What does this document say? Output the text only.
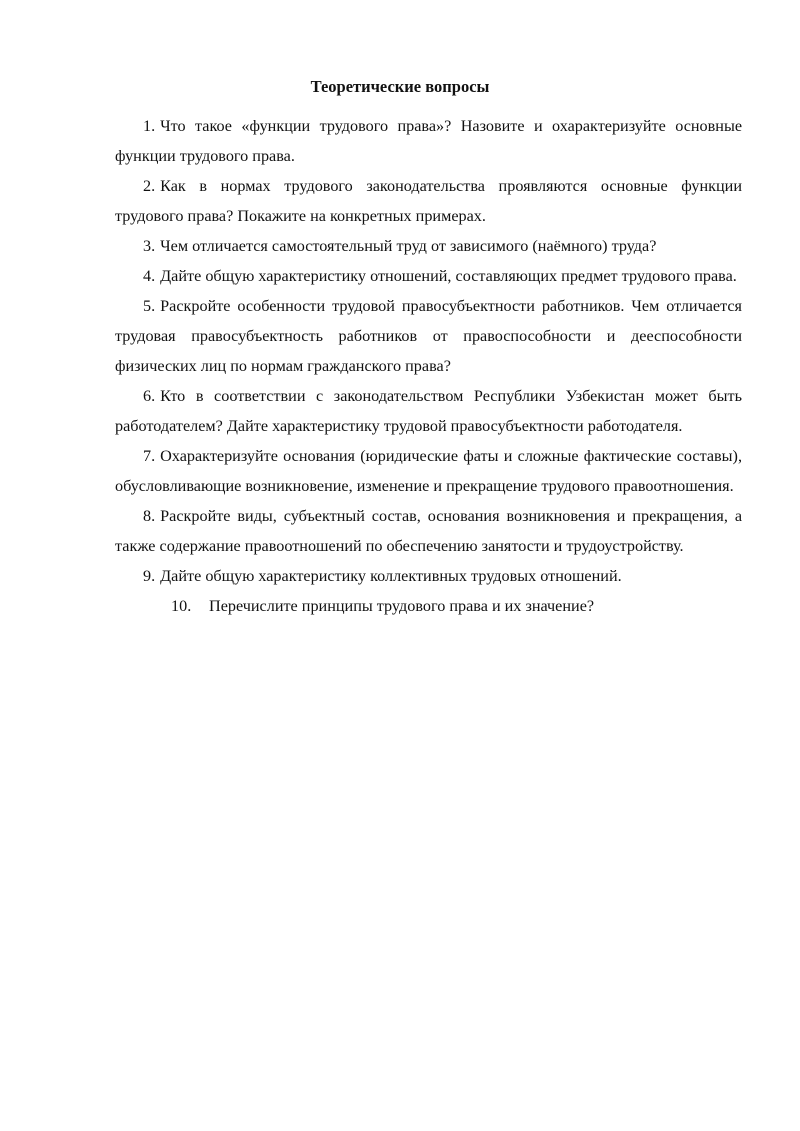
Теоретические вопросы
1. Что такое «функции трудового права»? Назовите и охарактеризуйте основные функции трудового права.
2. Как в нормах трудового законодательства проявляются основные функции трудового права? Покажите на конкретных примерах.
3. Чем отличается самостоятельный труд от зависимого (наёмного) труда?
4. Дайте общую характеристику отношений, составляющих предмет трудового права.
5. Раскройте особенности трудовой правосубъектности работников. Чем отличается трудовая правосубъектность работников от правоспособности и дееспособности физических лиц по нормам гражданского права?
6. Кто в соответствии с законодательством Республики Узбекистан может быть работодателем? Дайте характеристику трудовой правосубъектности работодателя.
7. Охарактеризуйте основания (юридические фаты и сложные фактические составы), обусловливающие возникновение, изменение и прекращение трудового правоотношения.
8. Раскройте виды, субъектный состав, основания возникновения и прекращения, а также содержание правоотношений по обеспечению занятости и трудоустройству.
9. Дайте общую характеристику коллективных трудовых отношений.
10. Перечислите принципы трудового права и их значение?
